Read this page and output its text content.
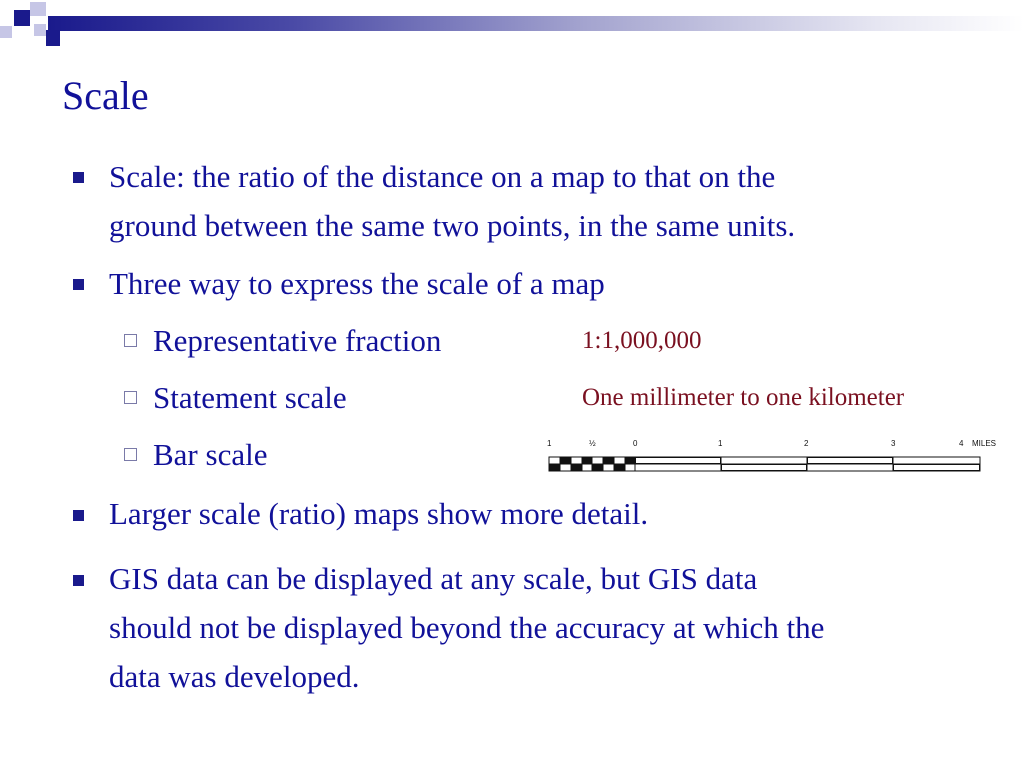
Scale
Scale: the ratio of the distance on a map to that on the
ground between the same two points, in the same units.
Three way to express the scale of a map
Representative fraction	1:1,000,000
Statement scale	One millimeter to one kilometer
Bar scale	1	½	0	1	2	3	4 MILES
Larger scale (ratio) maps show more detail.
GIS data can be displayed at any scale, but GIS data
should not be displayed beyond the accuracy at which the
data was developed.
